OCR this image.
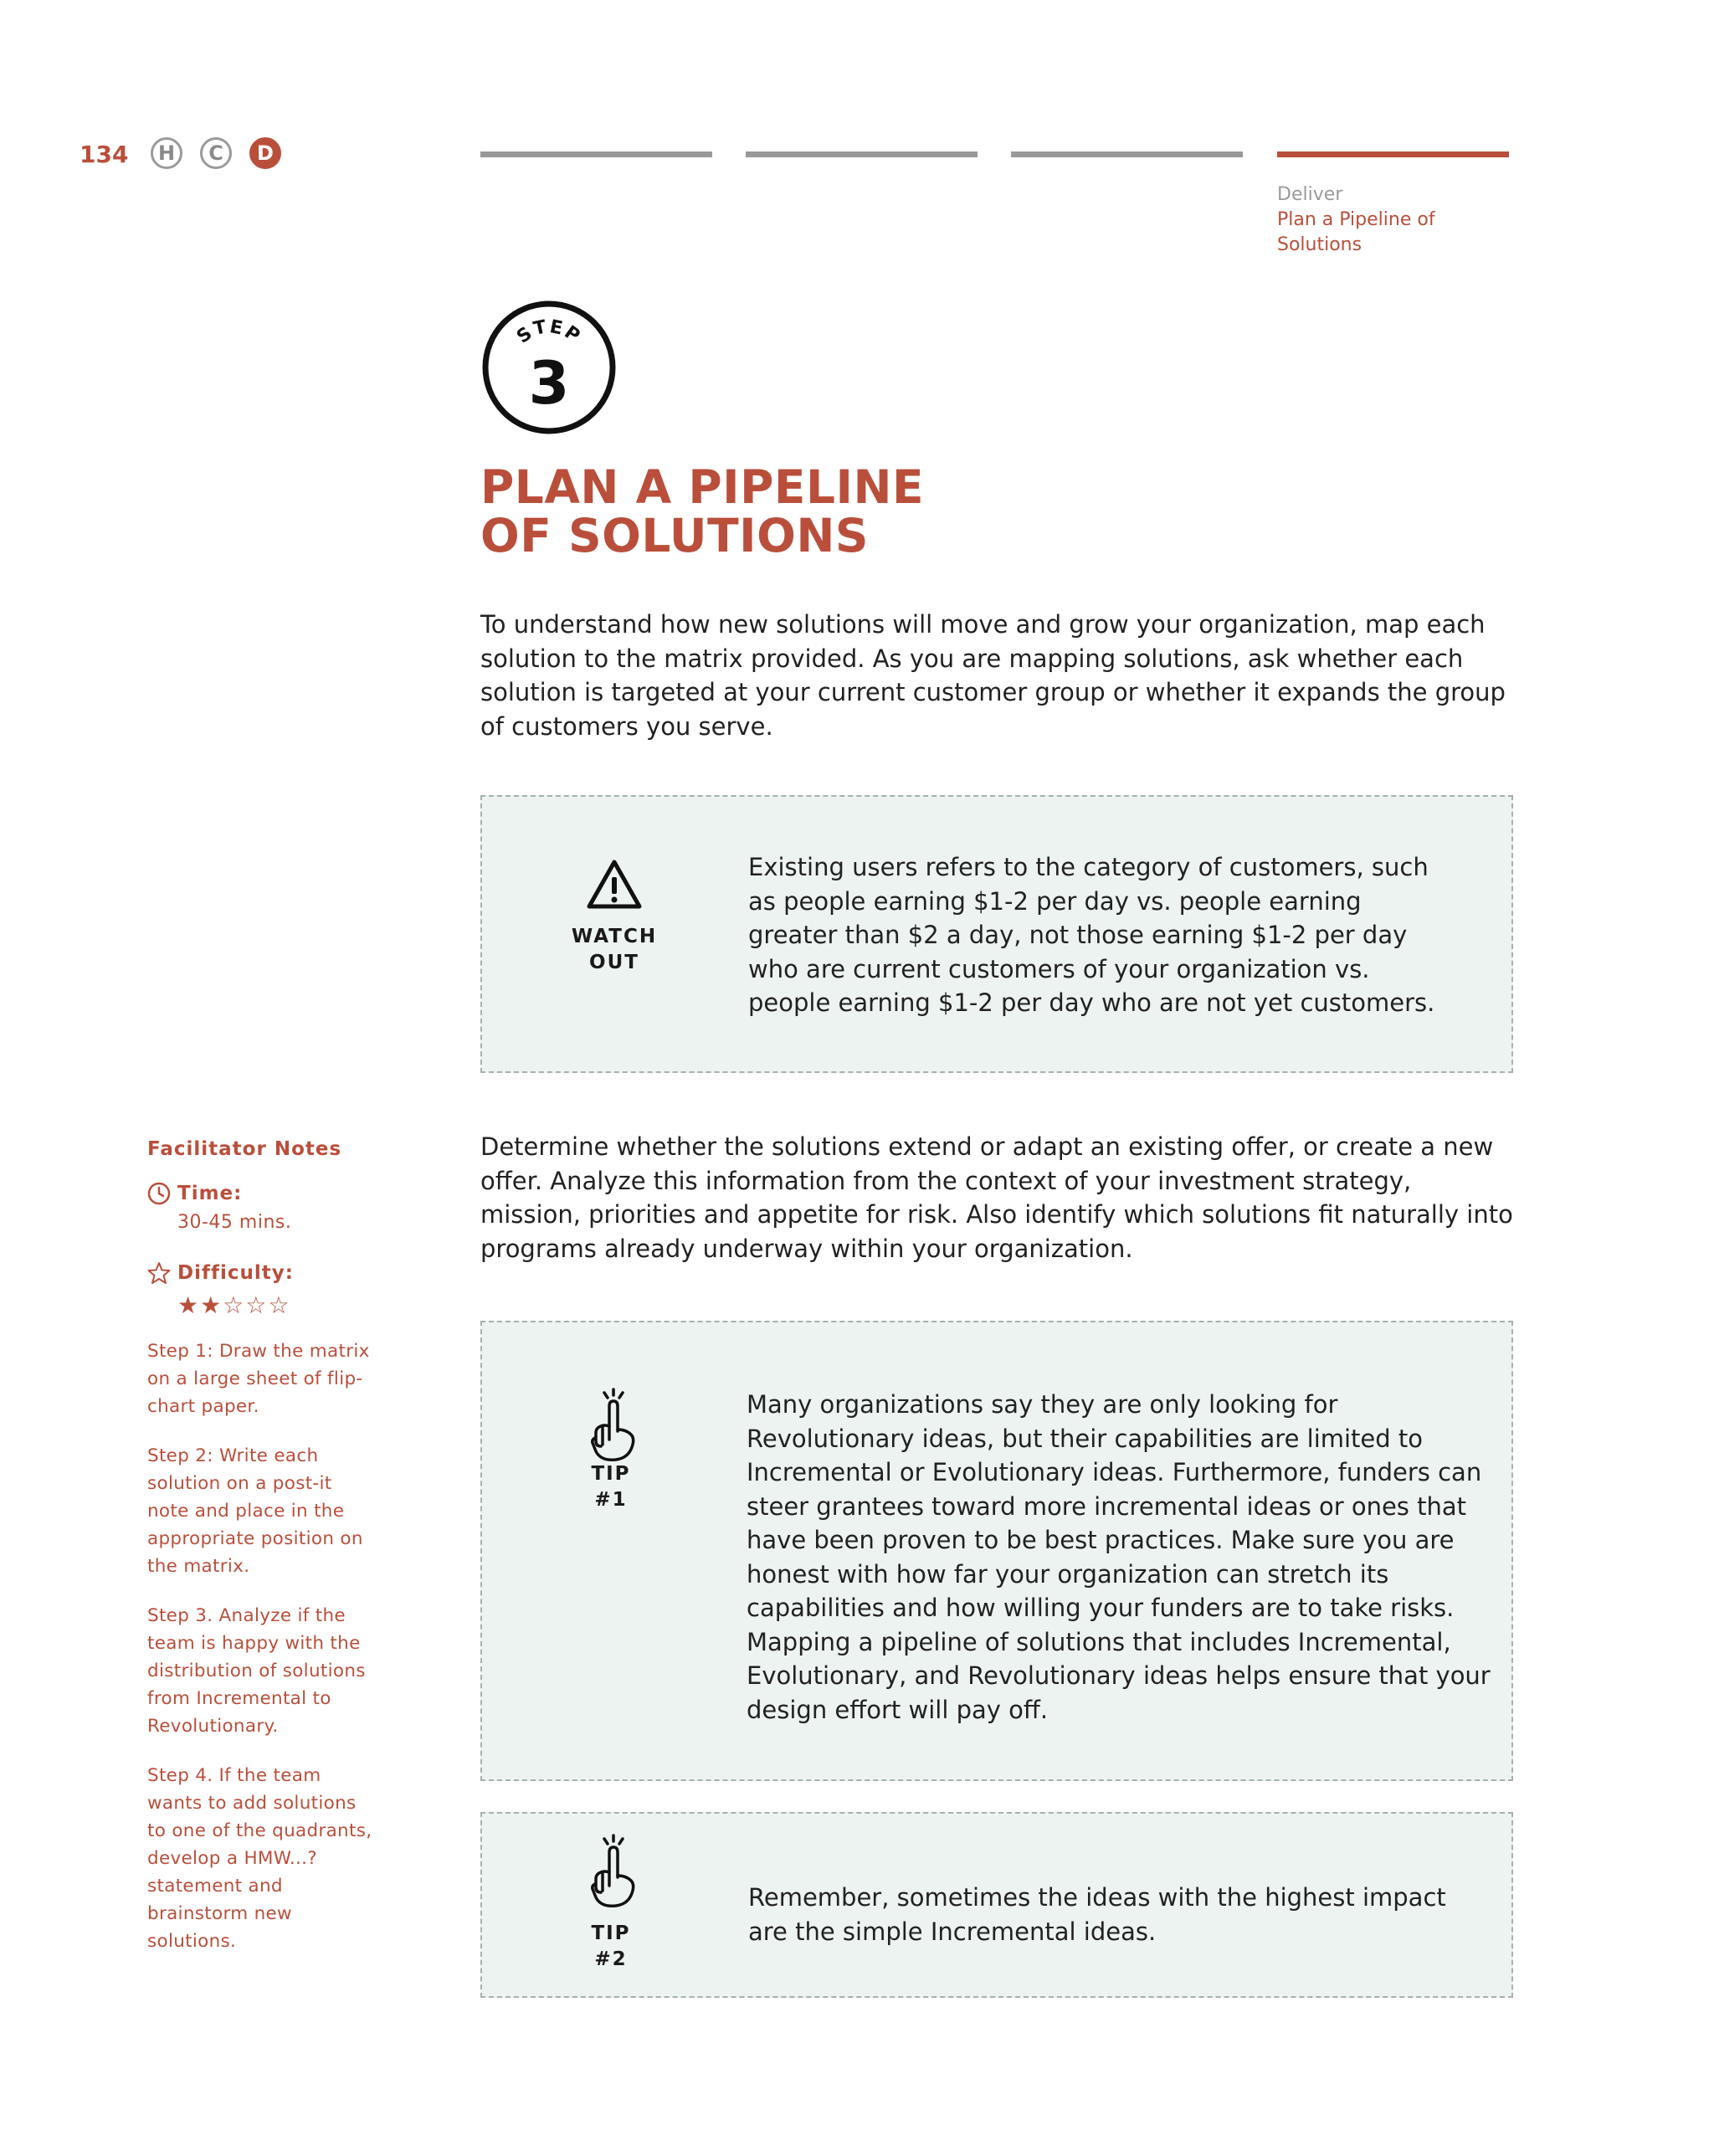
134	H	C	D
Deliver
Plan a Pipeline of Solutions
STEP
3
PLAN A PIPELINE
OF SOLUTIONS
To understand how new solutions will move and grow your organization, map each solution to the matrix provided. As you are mapping solutions, ask whether each solution is targeted at your current customer group or whether it expands the group of customers you serve.
WATCH
OUT
Existing users refers to the category of customers, such as people earning $1-2 per day vs. people earning greater than $2 a day, not those earning $1-2 per day who are current customers of your organization vs. people earning $1-2 per day who are not yet customers.
Determine whether the solutions extend or adapt an existing offer, or create a new offer. Analyze this information from the context of your investment strategy, mission, priorities and appetite for risk. Also identify which solutions fit naturally into programs already underway within your organization.
TIP
#1
Many organizations say they are only looking for Revolutionary ideas, but their capabilities are limited to Incremental or Evolutionary ideas. Furthermore, funders can steer grantees toward more incremental ideas or ones that have been proven to be best practices. Make sure you are honest with how far your organization can stretch its capabilities and how willing your funders are to take risks. Mapping a pipeline of solutions that includes Incremental, Evolutionary, and Revolutionary ideas helps ensure that your design effort will pay off.
TIP
#2
Remember, sometimes the ideas with the highest impact are the simple Incremental ideas.
Facilitator Notes
Time:
30-45 mins.
Difficulty:
★★☆☆☆
Step 1: Draw the matrix on a large sheet of flip-chart paper.
Step 2: Write each solution on a post-it note and place in the appropriate position on the matrix.
Step 3. Analyze if the team is happy with the distribution of solutions from Incremental to Revolutionary.
Step 4. If the team wants to add solutions to one of the quadrants, develop a HMW...? statement and brainstorm new solutions.
